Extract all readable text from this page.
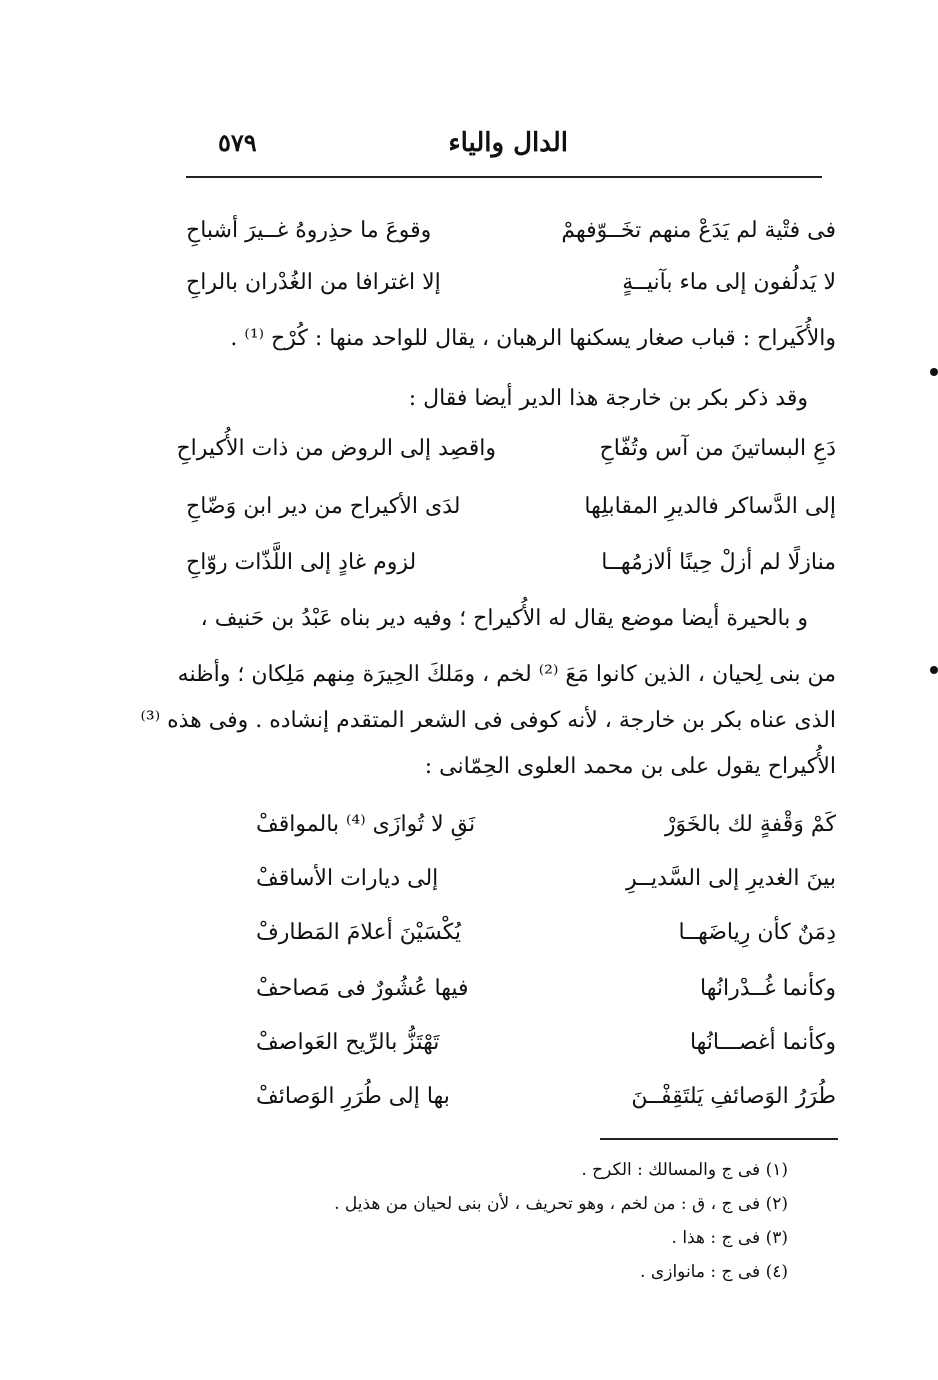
الدال والياء
٥٧٩
فى فتْية لم يَدَعْ منهم تخَــوّفهمْ
وقوعَ ما حذِروهُ غــيرَ أشباحِ
لا يَدلُفون إلى ماء بآنيــةٍ
إلا اغترافا من الغُدْران بالراحِ
والأُكَيراح : قباب صغار يسكنها الرهبان ، يقال للواحد منها : كُرْح ⁽¹⁾ .
وقد ذكر بكر بن خارجة هذا الدير أيضا فقال :
دَعِ البساتينَ من آس وتُفّاحِ
واقصِد إلى الروض من ذات الأُكيراحِ
إلى الدَّساكر فالديرِ المقابلِها
لدَى الأكيراح من دير ابن وَضّاحِ
منازلًا لم أزلْ حِينًا ألازمُهــا
لزوم غادٍ إلى اللَّذّات روّاحِ
و بالحيرة أيضا موضع يقال له الأُكيراح ؛ وفيه دير بناه عَبْدُ بن حَنيف ،
من بنى لِحيان ، الذين كانوا مَعَ ⁽²⁾ لخم ، ومَلكَ الحِيرَة مِنهم مَلِكان ؛ وأظنه
الذى عناه بكر بن خارجة ، لأنه كوفى فى الشعر المتقدم إنشاده . وفى هذه ⁽³⁾
الأُكيراح يقول على بن محمد العلوى الحِمّانى :
كَمْ وَقْفةٍ لك بالخَوَرْ
نَقِ لا تُوازَى ⁽⁴⁾ بالمواقفْ
بينَ الغديرِ إلى السَّديــرِ
إلى ديارات الأساقفْ
دِمَنٌ كأن رِياضَهــا
يُكْسَيْنَ أعلامَ المَطارفْ
وكأنما غُــدْرانُها
فيها عُشُورٌ فى مَصاحفْ
وكأنما أغصـــانُها
تَهْتَزُّ بالرِّيح العَواصفْ
طُرَرُ الوَصائفِ يَلتَقِفْــنَ
بها إلى طُرَرِ الوَصائفْ
(١) فى ج والمسالك : الكرح .
(٢) فى ج ، ق : من لخم ، وهو تحريف ، لأن بنى لحيان من هذيل .
(٣) فى ج : هذا .
(٤) فى ج : مانوازى .
